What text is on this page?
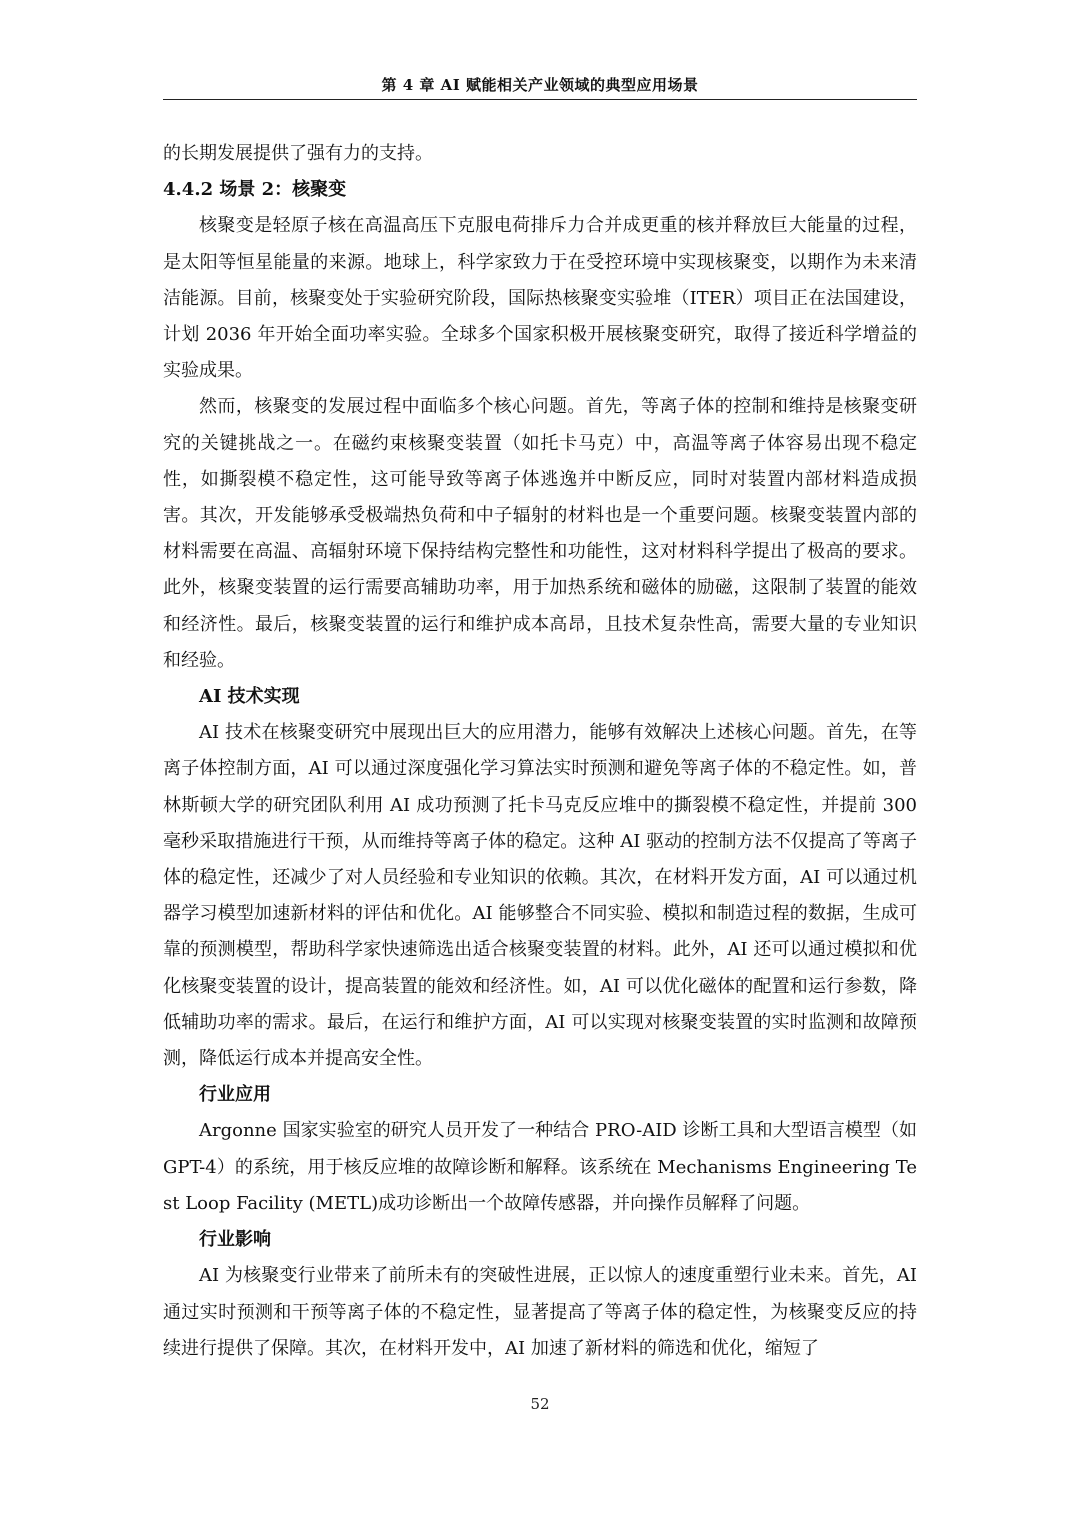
第 4 章 AI 赋能相关产业领域的典型应用场景

的长期发展提供了强有力的支持。

4.4.2 场景 2：核聚变

核聚变是轻原子核在高温高压下克服电荷排斥力合并成更重的核并释放巨大能量的过程，是太阳等恒星能量的来源。地球上，科学家致力于在受控环境中实现核聚变，以期作为未来清洁能源。目前，核聚变处于实验研究阶段，国际热核聚变实验堆（ITER）项目正在法国建设，计划 2036 年开始全面功率实验。全球多个国家积极开展核聚变研究，取得了接近科学增益的实验成果。

然而，核聚变的发展过程中面临多个核心问题。首先，等离子体的控制和维持是核聚变研究的关键挑战之一。在磁约束核聚变装置（如托卡马克）中，高温等离子体容易出现不稳定性，如撕裂模不稳定性，这可能导致等离子体逃逸并中断反应，同时对装置内部材料造成损害。其次，开发能够承受极端热负荷和中子辐射的材料也是一个重要问题。核聚变装置内部的材料需要在高温、高辐射环境下保持结构完整性和功能性，这对材料科学提出了极高的要求。此外，核聚变装置的运行需要高辅助功率，用于加热系统和磁体的励磁，这限制了装置的能效和经济性。最后，核聚变装置的运行和维护成本高昂，且技术复杂性高，需要大量的专业知识和经验。

AI 技术实现

AI 技术在核聚变研究中展现出巨大的应用潜力，能够有效解决上述核心问题。首先，在等离子体控制方面，AI 可以通过深度强化学习算法实时预测和避免等离子体的不稳定性。如，普林斯顿大学的研究团队利用 AI 成功预测了托卡马克反应堆中的撕裂模不稳定性，并提前 300 毫秒采取措施进行干预，从而维持等离子体的稳定。这种 AI 驱动的控制方法不仅提高了等离子体的稳定性，还减少了对人员经验和专业知识的依赖。其次，在材料开发方面，AI 可以通过机器学习模型加速新材料的评估和优化。AI 能够整合不同实验、模拟和制造过程的数据，生成可靠的预测模型，帮助科学家快速筛选出适合核聚变装置的材料。此外，AI 还可以通过模拟和优化核聚变装置的设计，提高装置的能效和经济性。如，AI 可以优化磁体的配置和运行参数，降低辅助功率的需求。最后，在运行和维护方面，AI 可以实现对核聚变装置的实时监测和故障预测，降低运行成本并提高安全性。

行业应用

Argonne 国家实验室的研究人员开发了一种结合 PRO-AID 诊断工具和大型语言模型（如 GPT-4）的系统，用于核反应堆的故障诊断和解释。该系统在 Mechanisms Engineering Test Loop Facility (METL)成功诊断出一个故障传感器，并向操作员解释了问题。

行业影响

AI 为核聚变行业带来了前所未有的突破性进展，正以惊人的速度重塑行业未来。首先，AI 通过实时预测和干预等离子体的不稳定性，显著提高了等离子体的稳定性，为核聚变反应的持续进行提供了保障。其次，在材料开发中，AI 加速了新材料的筛选和优化，缩短了

52
